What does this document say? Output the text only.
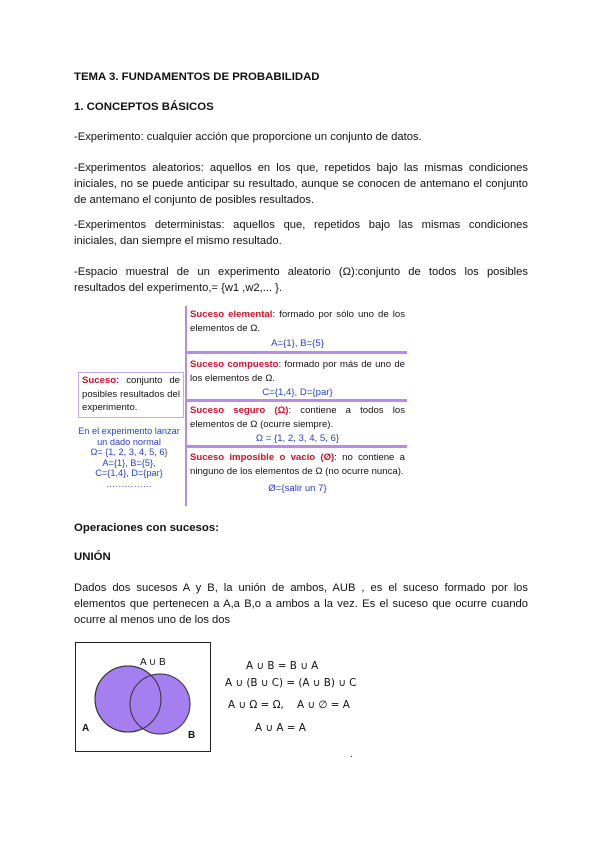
TEMA 3. FUNDAMENTOS DE PROBABILIDAD
1. CONCEPTOS BÁSICOS
-Experimento: cualquier acción que proporcione un conjunto de datos.
-Experimentos aleatorios: aquellos en los que, repetidos bajo las mismas condiciones iniciales, no se puede anticipar su resultado, aunque se conocen de antemano el conjunto de antemano el conjunto de posibles resultados.
-Experimentos deterministas: aquellos que, repetidos bajo las mismas condiciones iniciales, dan siempre el mismo resultado.
-Espacio muestral de un experimento aleatorio (Ω):conjunto de todos los posibles resultados del experimento,= {w1 ,w2,... }.
Suceso: conjunto de posibles resultados del experimento.
En el experimento lanzar
un dado normal
Ω= {1, 2, 3, 4, 5, 6}
A={1}, B={5},
C={1,4}, D={par}
……………
Suceso elemental: formado por sólo uno de los elementos de Ω.
A={1}, B={5}
Suceso compuesto: formado por más de uno de los elementos de Ω.
C={1,4}, D={par}
Suceso seguro (Ω): contiene a todos los elementos de Ω (ocurre siempre).
Ω = {1, 2, 3, 4, 5, 6}
Suceso imposible o vacío (Ø): no contiene a ninguno de los elementos de Ω (no ocurre nunca).
Ø={salir un 7}
Operaciones con sucesos:
UNIÓN
Dados dos sucesos A y B, la unión de ambos, AUB , es el suceso formado por los elementos que pertenecen a A,a B,o a ambos a la vez. Es el suceso que ocurre cuando ocurre al menos uno de los dos
A ∪ B
A
B
A ∪ B = B ∪ A
A ∪ (B ∪ C) = (A ∪ B) ∪ C
A ∪ Ω = Ω,    A ∪ ∅ = A
A ∪ A = A
.
